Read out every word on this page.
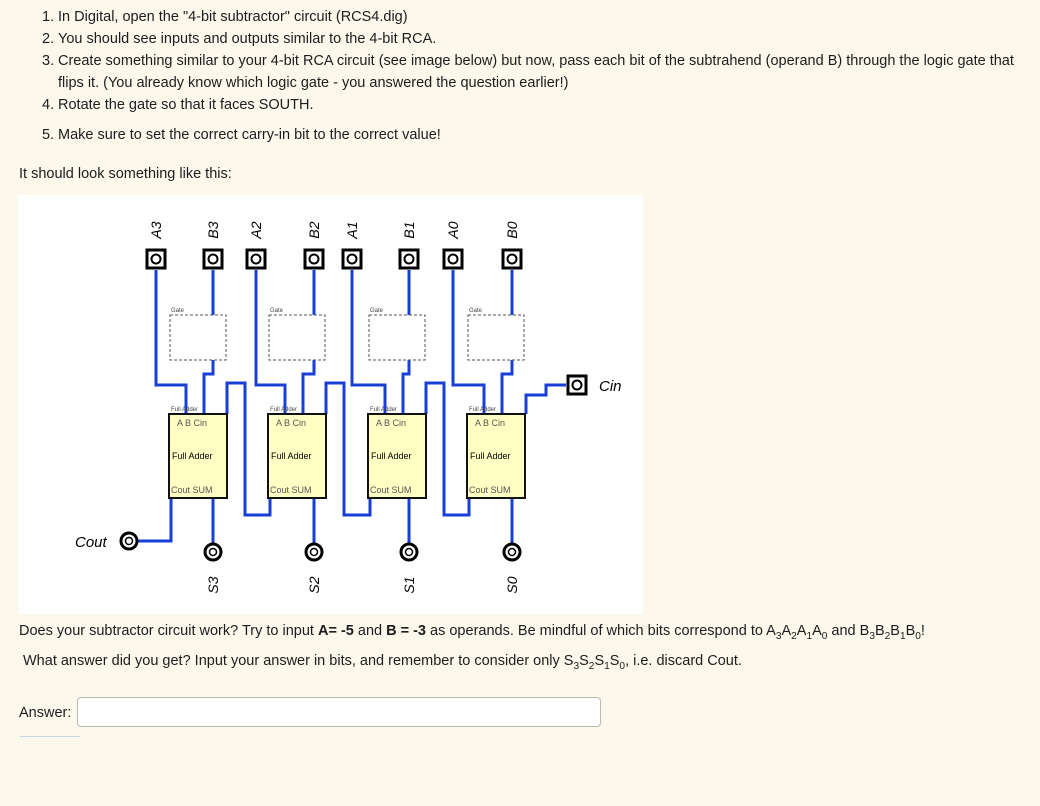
1. In Digital, open the "4-bit subtractor" circuit (RCS4.dig)
2. You should see inputs and outputs similar to the 4-bit RCA.
3. Create something similar to your 4-bit RCA circuit (see image below) but now, pass each bit of the subtrahend (operand B) through the logic gate that flips it. (You already know which logic gate - you answered the question earlier!)
4. Rotate the gate so that it faces SOUTH.
5. Make sure to set the correct carry-in bit to the correct value!
It should look something like this:
A3	B3 A2	B2 A1	B1 A0	B0
Gate	Gate	Gate	Gate
Full Adder
A B Cin
Full Adder
Cout SUM
Full Adder
A B Cin
Full Adder
Cout SUM
Full Adder
A B Cin
Full Adder
Cout SUM
Full Adder
A B Cin
Full Adder
Cout SUM
S3	S2	S1	S0
Cin
Cout
Does your subtractor circuit work? Try to input A= -5 and B = -3 as operands. Be mindful of which bits correspond to $A_3A_2A_1A_0$ and $B_3B_2B_1B_0$!
What answer did you get? Input your answer in bits, and remember to consider only $S_3S_2S_1S_0$, i.e. discard Cout.
Answer:
